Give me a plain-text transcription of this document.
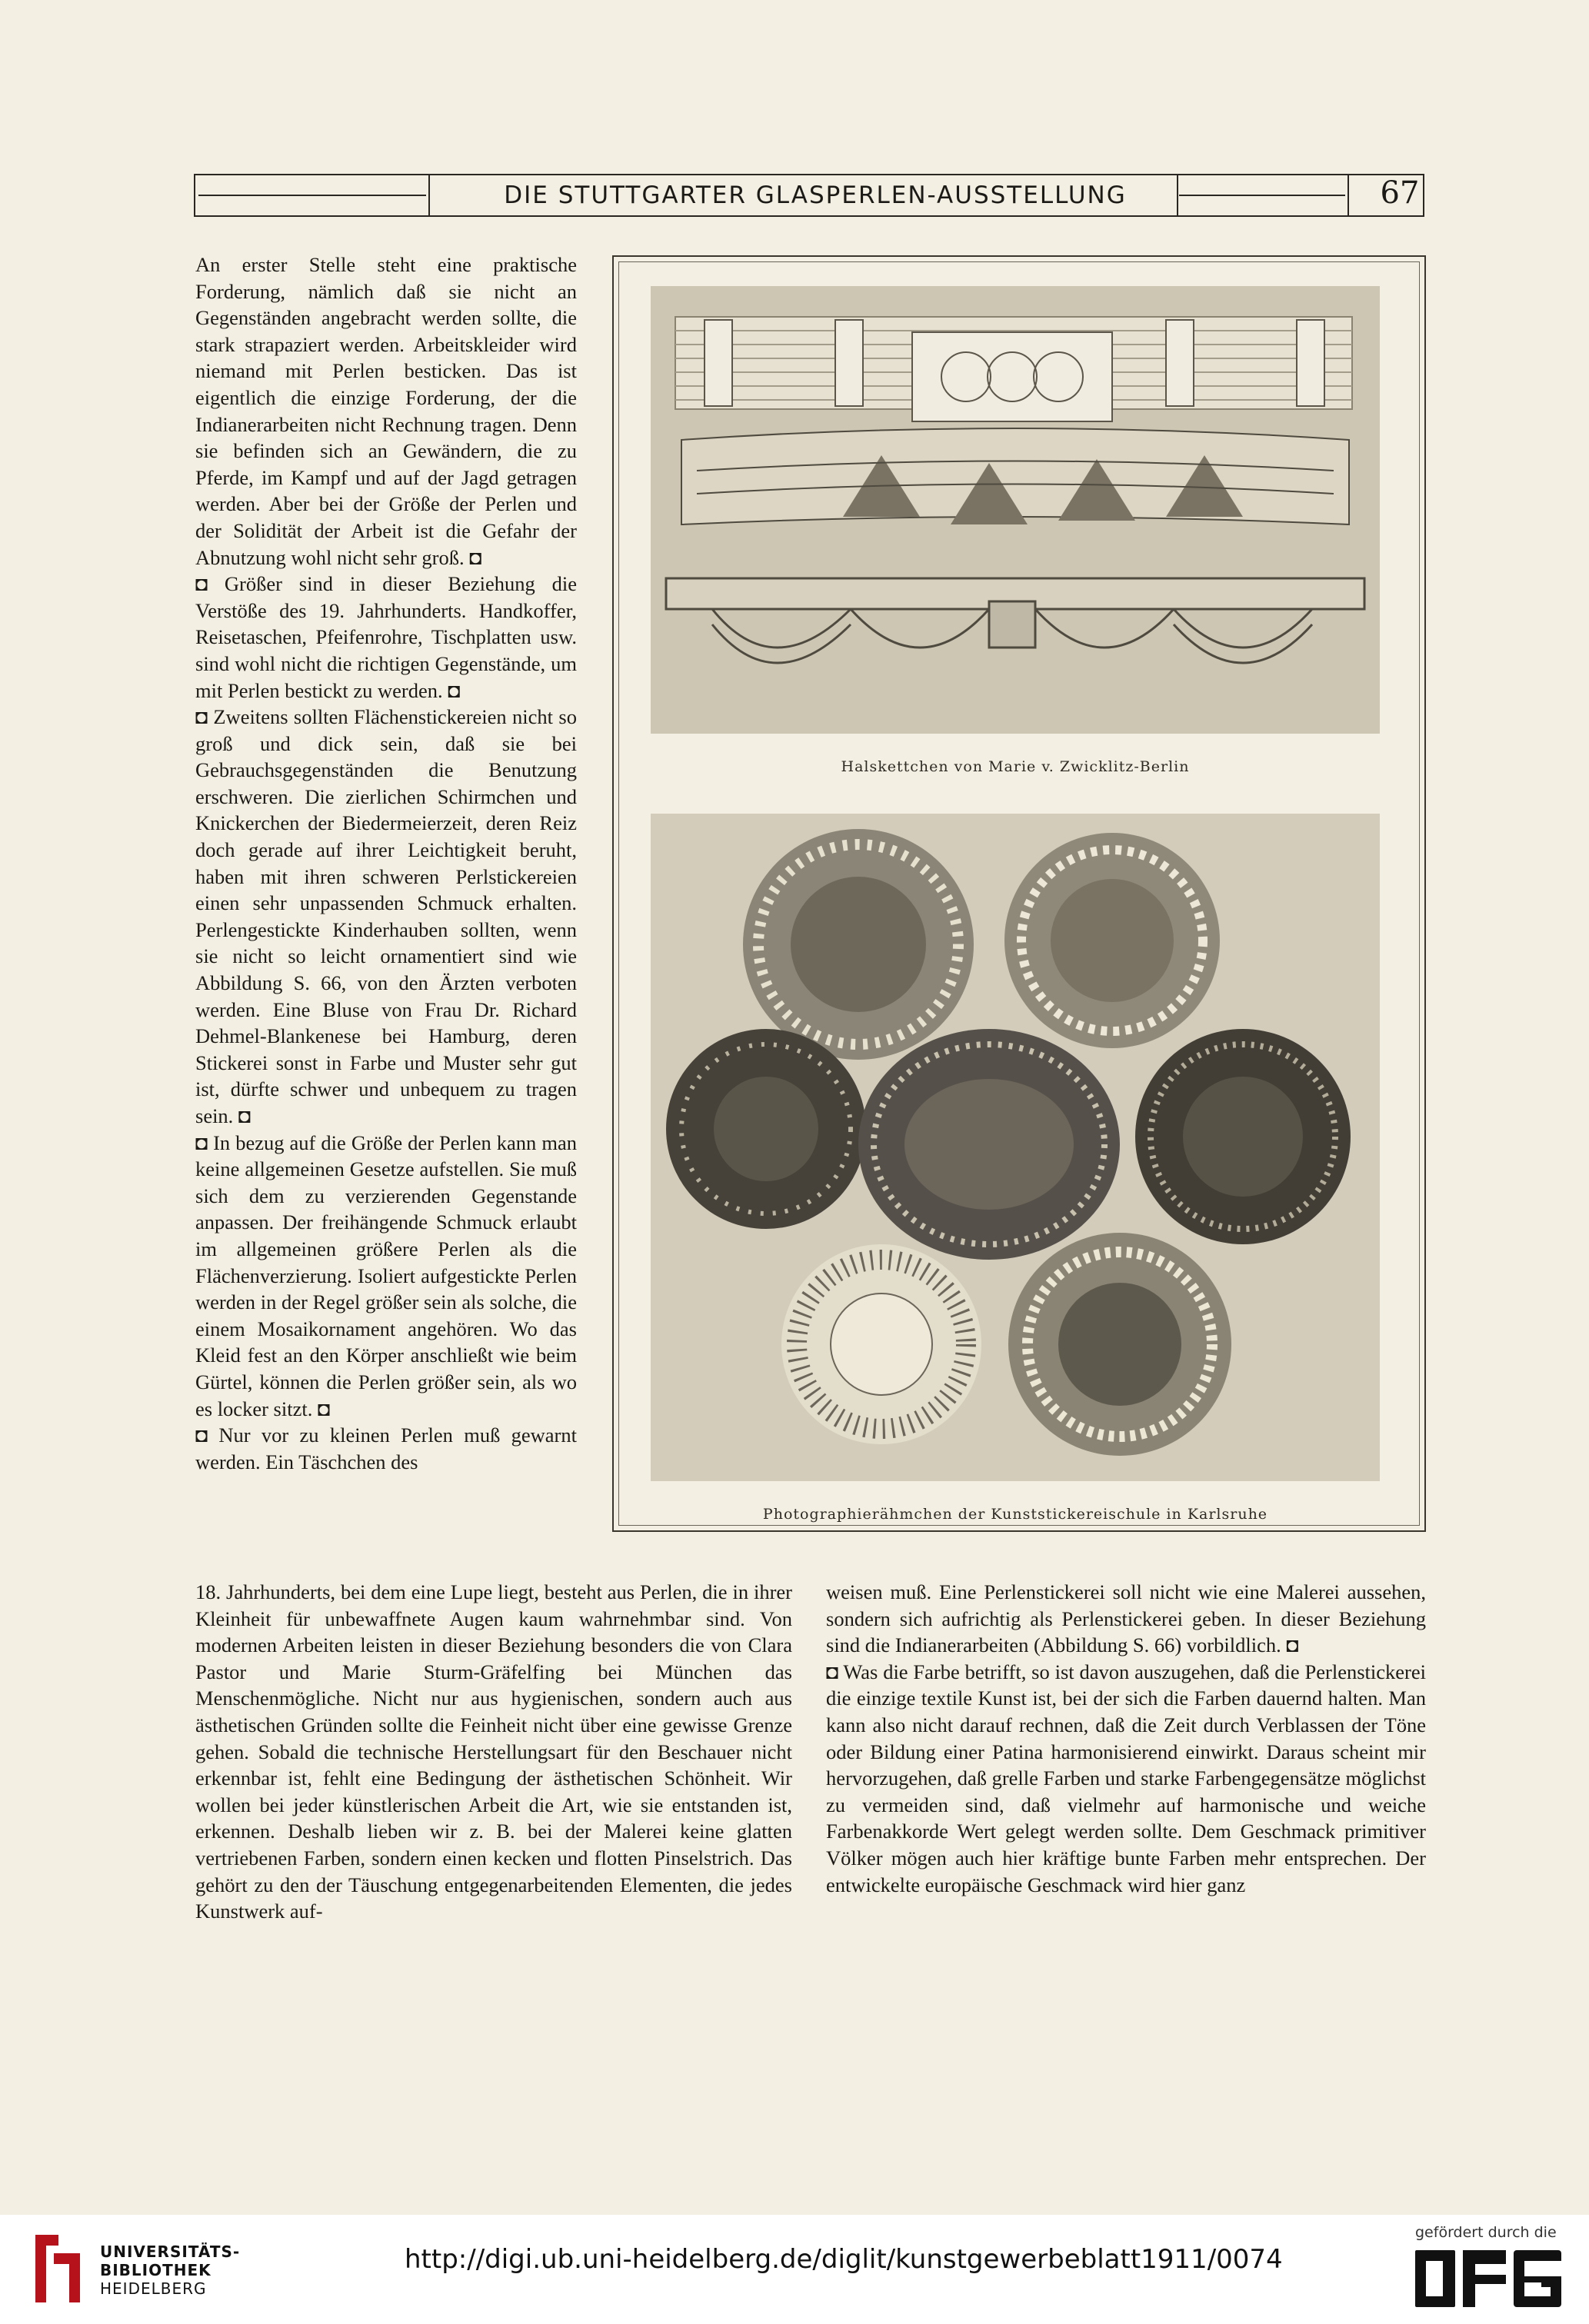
DIE STUTTGARTER GLASPERLEN-AUSSTELLUNG	67

An erster Stelle steht eine praktische Forderung, nämlich daß sie nicht an Gegenständen angebracht werden sollte, die stark strapaziert werden. Arbeitskleider wird niemand mit Perlen besticken. Das ist eigentlich die einzige Forderung, der die Indianerarbeiten nicht Rechnung tragen. Denn sie befinden sich an Gewändern, die zu Pferde, im Kampf und auf der Jagd getragen werden. Aber bei der Größe der Perlen und der Solidität der Arbeit ist die Gefahr der Abnutzung wohl nicht sehr groß. ◘

◘ Größer sind in dieser Beziehung die Verstöße des 19. Jahrhunderts. Handkoffer, Reisetaschen, Pfeifenrohre, Tischplatten usw. sind wohl nicht die richtigen Gegenstände, um mit Perlen bestickt zu werden. ◘

◘ Zweitens sollten Flächenstickereien nicht so groß und dick sein, daß sie bei Gebrauchsgegenständen die Benutzung erschweren. Die zierlichen Schirmchen und Knickerchen der Biedermeierzeit, deren Reiz doch gerade auf ihrer Leichtigkeit beruht, haben mit ihren schweren Perlstickereien einen sehr unpassenden Schmuck erhalten. Perlengestickte Kinderhauben sollten, wenn sie nicht so leicht ornamentiert sind wie Abbildung S. 66, von den Ärzten verboten werden. Eine Bluse von Frau Dr. Richard Dehmel-Blankenese bei Hamburg, deren Stickerei sonst in Farbe und Muster sehr gut ist, dürfte schwer und unbequem zu tragen sein. ◘

◘ In bezug auf die Größe der Perlen kann man keine allgemeinen Gesetze aufstellen. Sie muß sich dem zu verzierenden Gegenstande anpassen. Der freihängende Schmuck erlaubt im allgemeinen größere Perlen als die Flächenverzierung. Isoliert aufgestickte Perlen werden in der Regel größer sein als solche, die einem Mosaikornament angehören. Wo das Kleid fest an den Körper anschließt wie beim Gürtel, können die Perlen größer sein, als wo es locker sitzt. ◘

◘ Nur vor zu kleinen Perlen muß gewarnt werden. Ein Täschchen des

Halskettchen von Marie v. Zwicklitz-Berlin
Photographierähmchen der Kunststickereischule in Karlsruhe

18. Jahrhunderts, bei dem eine Lupe liegt, besteht aus Perlen, die in ihrer Kleinheit für unbewaffnete Augen kaum wahrnehmbar sind. Von modernen Arbeiten leisten in dieser Beziehung besonders die von Clara Pastor und Marie Sturm-Gräfelfing bei München das Menschenmögliche. Nicht nur aus hygienischen, sondern auch aus ästhetischen Gründen sollte die Feinheit nicht über eine gewisse Grenze gehen. Sobald die technische Herstellungsart für den Beschauer nicht erkennbar ist, fehlt eine Bedingung der ästhetischen Schönheit. Wir wollen bei jeder künstlerischen Arbeit die Art, wie sie entstanden ist, erkennen. Deshalb lieben wir z. B. bei der Malerei keine glatten vertriebenen Farben, sondern einen kecken und flotten Pinselstrich. Das gehört zu den der Täuschung entgegenarbeitenden Elementen, die jedes Kunstwerk auf-

weisen muß. Eine Perlenstickerei soll nicht wie eine Malerei aussehen, sondern sich aufrichtig als Perlenstickerei geben. In dieser Beziehung sind die Indianerarbeiten (Abbildung S. 66) vorbildlich. ◘

◘ Was die Farbe betrifft, so ist davon auszugehen, daß die Perlenstickerei die einzige textile Kunst ist, bei der sich die Farben dauernd halten. Man kann also nicht darauf rechnen, daß die Zeit durch Verblassen der Töne oder Bildung einer Patina harmonisierend einwirkt. Daraus scheint mir hervorzugehen, daß grelle Farben und starke Farbengegensätze möglichst zu vermeiden sind, daß vielmehr auf harmonische und weiche Farbenakkorde Wert gelegt werden sollte. Dem Geschmack primitiver Völker mögen auch hier kräftige bunte Farben mehr entsprechen. Der entwickelte europäische Geschmack wird hier ganz

UNIVERSITÄTS-
BIBLIOTHEK
HEIDELBERG
http://digi.ub.uni-heidelberg.de/diglit/kunstgewerbeblatt1911/0074
gefördert durch die
